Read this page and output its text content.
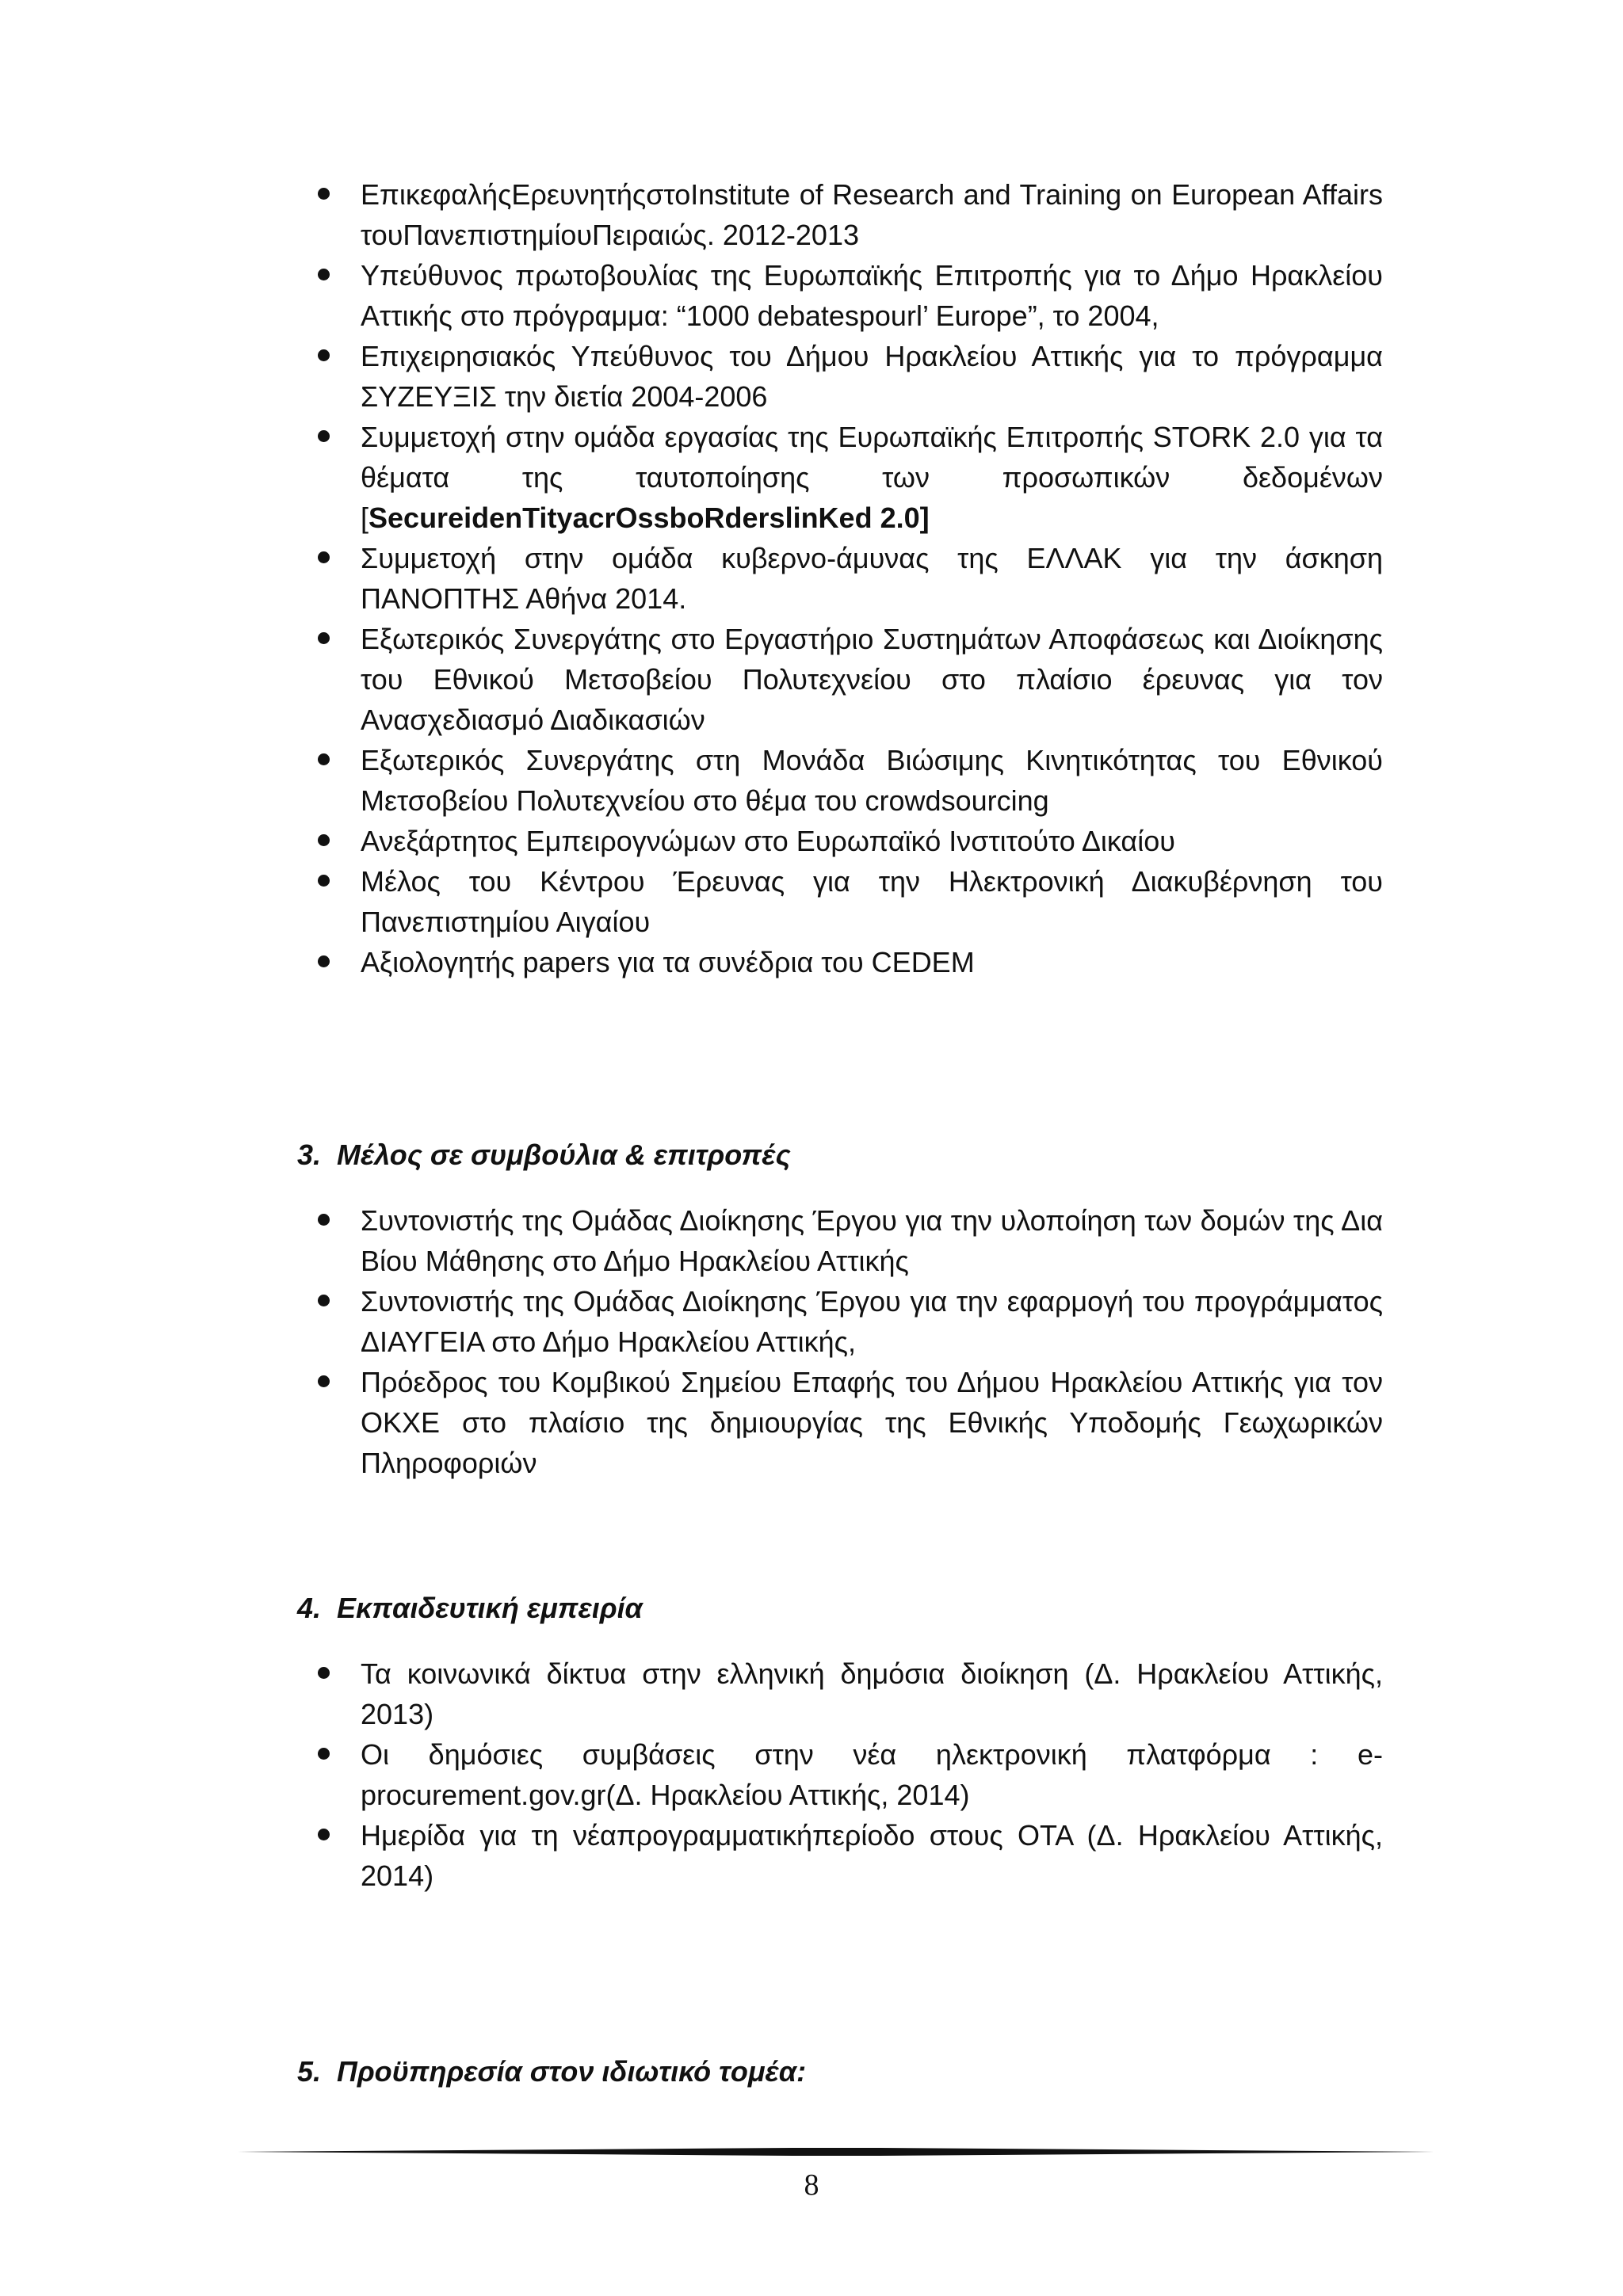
ΕπικεφαλήςΕρευνητήςστοInstitute of Research and Training on European Affairs τουΠανεπιστημίουΠειραιώς. 2012-2013
Υπεύθυνος πρωτοβουλίας της Ευρωπαϊκής Επιτροπής για το Δήμο Ηρακλείου Αττικής στο πρόγραμμα: “1000 debatespourl’ Europe”, το 2004,
Επιχειρησιακός Υπεύθυνος του Δήμου Ηρακλείου Αττικής για το πρόγραμμα ΣΥΖΕΥΞΙΣ την διετία 2004-2006
Συμμετοχή στην ομάδα εργασίας της Ευρωπαϊκής Επιτροπής STORK 2.0 για τα θέματα της ταυτοποίησης των προσωπικών δεδομένων [SecureidenTityacrOssboRderslinKed 2.0]
Συμμετοχή στην ομάδα κυβερνο-άμυνας της ΕΛΛΑΚ για την άσκηση ΠΑΝΟΠΤΗΣ Αθήνα 2014.
Εξωτερικός Συνεργάτης στο Εργαστήριο Συστημάτων Αποφάσεως και Διοίκησης του Εθνικού Μετσοβείου Πολυτεχνείου στο πλαίσιο έρευνας για τον Ανασχεδιασμό Διαδικασιών
Εξωτερικός Συνεργάτης στη Μονάδα Βιώσιμης Κινητικότητας του Εθνικού Μετσοβείου Πολυτεχνείου στο θέμα του crowdsourcing
Ανεξάρτητος Εμπειρογνώμων στο Ευρωπαϊκό Ινστιτούτο Δικαίου
Μέλος του Κέντρου Έρευνας για την Ηλεκτρονική Διακυβέρνηση του Πανεπιστημίου Αιγαίου
Αξιολογητής papers για τα συνέδρια του CEDEM
3. Μέλος σε συμβούλια & επιτροπές
Συντονιστής της Ομάδας Διοίκησης Έργου για την υλοποίηση των δομών της Δια Βίου Μάθησης στο Δήμο Ηρακλείου Αττικής
Συντονιστής της Ομάδας Διοίκησης Έργου για την εφαρμογή του προγράμματος ΔΙΑΥΓΕΙΑ στο Δήμο Ηρακλείου Αττικής,
Πρόεδρος του Κομβικού Σημείου Επαφής του Δήμου Ηρακλείου Αττικής για τον ΟΚΧΕ στο πλαίσιο της δημιουργίας της Εθνικής Υποδομής Γεωχωρικών Πληροφοριών
4. Εκπαιδευτική εμπειρία
Τα κοινωνικά δίκτυα στην ελληνική δημόσια διοίκηση (Δ. Ηρακλείου Αττικής, 2013)
Οι δημόσιες συμβάσεις στην νέα ηλεκτρονική πλατφόρμα : e-procurement.gov.gr(Δ. Ηρακλείου Αττικής, 2014)
Ημερίδα για τη νέαπρογραμματικήπερίοδο στους ΟΤΑ (Δ. Ηρακλείου Αττικής, 2014)
5. Προϋπηρεσία στον ιδιωτικό τομέα:
8
